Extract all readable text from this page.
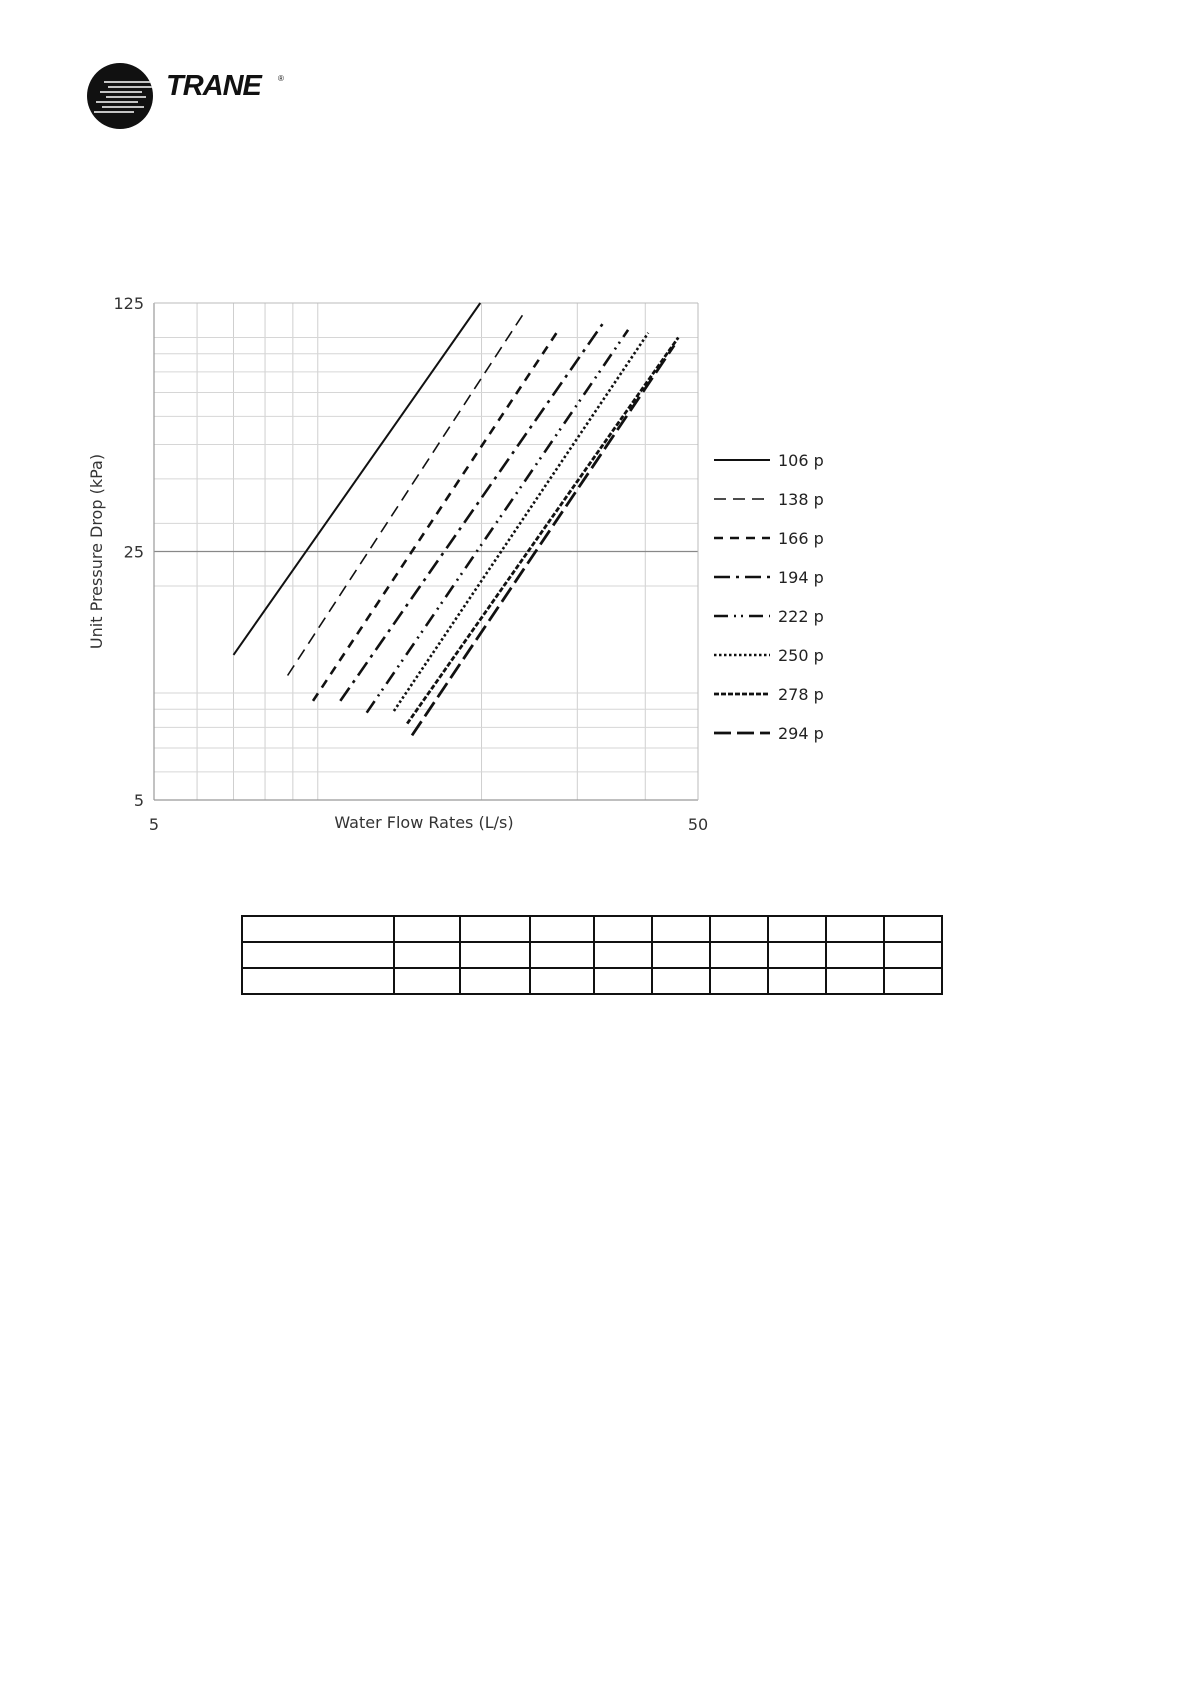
TRANE ®
106 p
138 p
166 p
194 p
222 p
250 p
278 p
294 p
5	50
125
25
5
Water Flow Rates (L/s)
Unit Pressure Drop (kPa)
